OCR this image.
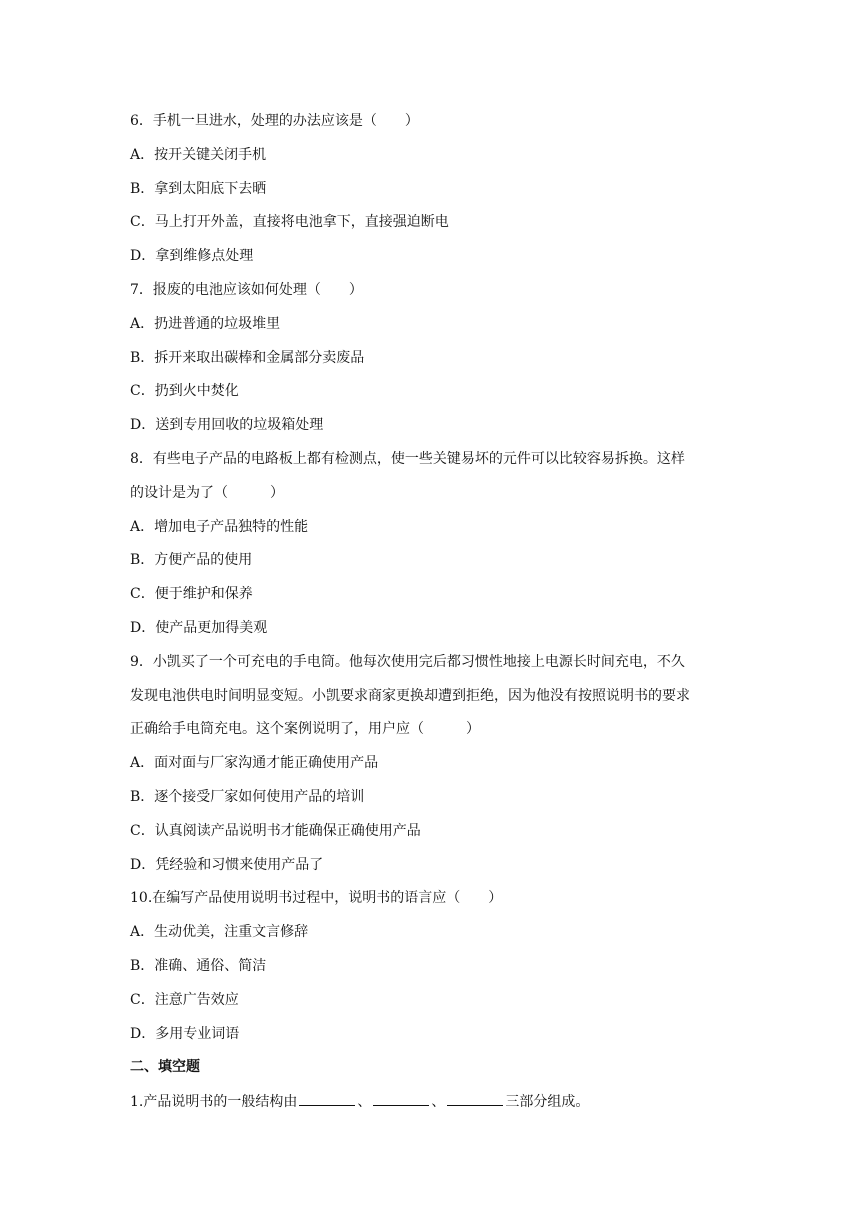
6．手机一旦进水，处理的办法应该是（　　）
A．按开关键关闭手机
B．拿到太阳底下去晒
C．马上打开外盖，直接将电池拿下，直接强迫断电
D．拿到维修点处理
7．报废的电池应该如何处理（　　）
A．扔进普通的垃圾堆里
B．拆开来取出碳棒和金属部分卖废品
C．扔到火中焚化
D．送到专用回收的垃圾箱处理
8．有些电子产品的电路板上都有检测点，使一些关键易坏的元件可以比较容易拆换。这样
的设计是为了（　　　）
A．增加电子产品独特的性能
B．方便产品的使用
C．便于维护和保养
D．使产品更加得美观
9．小凯买了一个可充电的手电筒。他每次使用完后都习惯性地接上电源长时间充电，不久
发现电池供电时间明显变短。小凯要求商家更换却遭到拒绝，因为他没有按照说明书的要求
正确给手电筒充电。这个案例说明了，用户应（　　　）
A．面对面与厂家沟通才能正确使用产品
B．逐个接受厂家如何使用产品的培训
C．认真阅读产品说明书才能确保正确使用产品
D．凭经验和习惯来使用产品了
10.在编写产品使用说明书过程中，说明书的语言应（　　）
A．生动优美，注重文言修辞
B．准确、通俗、简洁
C．注意广告效应
D．多用专业词语
二、填空题
1.产品说明书的一般结构由	、	、	三部分组成。
